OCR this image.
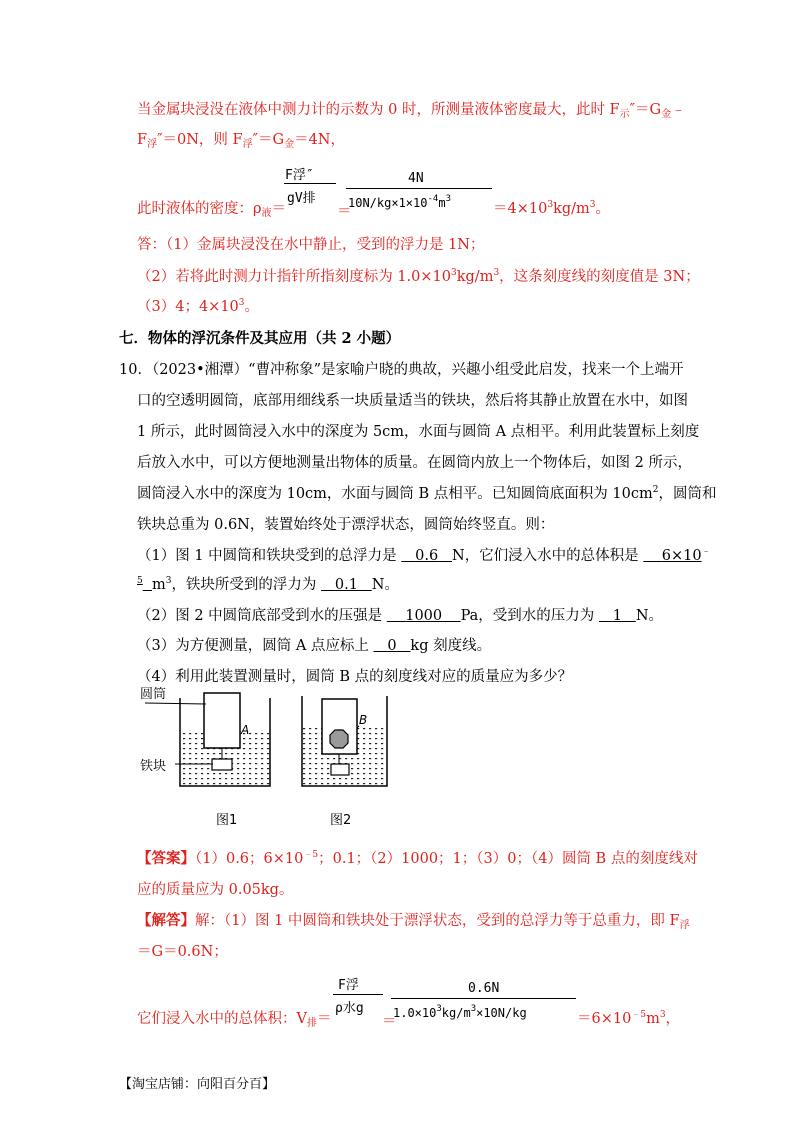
当金属块浸没在液体中测力计的示数为 0 时，所测量液体密度最大，此时 $F_示''=G_金﹣$
$F_浮''=0N$，则 $F_浮''=G_金=4N$，
此时液体的密度：$\rho_液=$
F浮″
gV排
＝
4N
$10N/kg\times 1\times 10^{-4}m^3$
$=4\times 10^3kg/m^3$。
答：（1）金属块浸没在水中静止，受到的浮力是 1N；
（2）若将此时测力计指针所指刻度标为 $1.0\times 10^3kg/m^3$，这条刻度线的刻度值是 3N；
（3）4；$4\times 10^3$。
七．物体的浮沉条件及其应用（共 2 小题）
10．（2023•湘潭）“曹冲称象”是家喻户晓的典故，兴趣小组受此启发，找来一个上端开
口的空透明圆筒，底部用细线系一块质量适当的铁块，然后将其静止放置在水中，如图
1 所示，此时圆筒浸入水中的深度为 5cm，水面与圆筒 A 点相平。利用此装置标上刻度
后放入水中，可以方便地测量出物体的质量。在圆筒内放上一个物体后，如图 2 所示，
圆筒浸入水中的深度为 10cm，水面与圆筒 B 点相平。已知圆筒底面积为 $10cm^2$，圆筒和
铁块总重为 0.6N，装置始终处于漂浮状态，圆筒始终竖直。则：
（1）图 1 中圆筒和铁块受到的总浮力是 0.6 N，它们浸入水中的总体积是 6×10﹣
$^5$ $m^3$，铁块所受到的浮力为 0.1 N。
（2）图 2 中圆筒底部受到水的压强是 1000 Pa，受到水的压力为 1 N。
（3）为方便测量，圆筒 A 点应标上 0 kg 刻度线。
（4）利用此装置测量时，圆筒 B 点的刻度线对应的质量应为多少？
圆筒
铁块
A
图1
B
图2
【答案】（1）0.6；$6\times 10^{﹣5}$；0.1；（2）1000；1；（3）0；（4）圆筒 B 点的刻度线对
应的质量应为 0.05kg。
【解答】解：（1）图 1 中圆筒和铁块处于漂浮状态，受到的总浮力等于总重力，即 $F_浮$
＝G＝0.6N；
它们浸入水中的总体积：$V_排=$
F浮
ρ水g
＝
0.6N
$1.0\times 10^3kg/m^3\times 10N/kg$	$=6\times 10^{﹣5}m^3$，
【淘宝店铺：向阳百分百】
